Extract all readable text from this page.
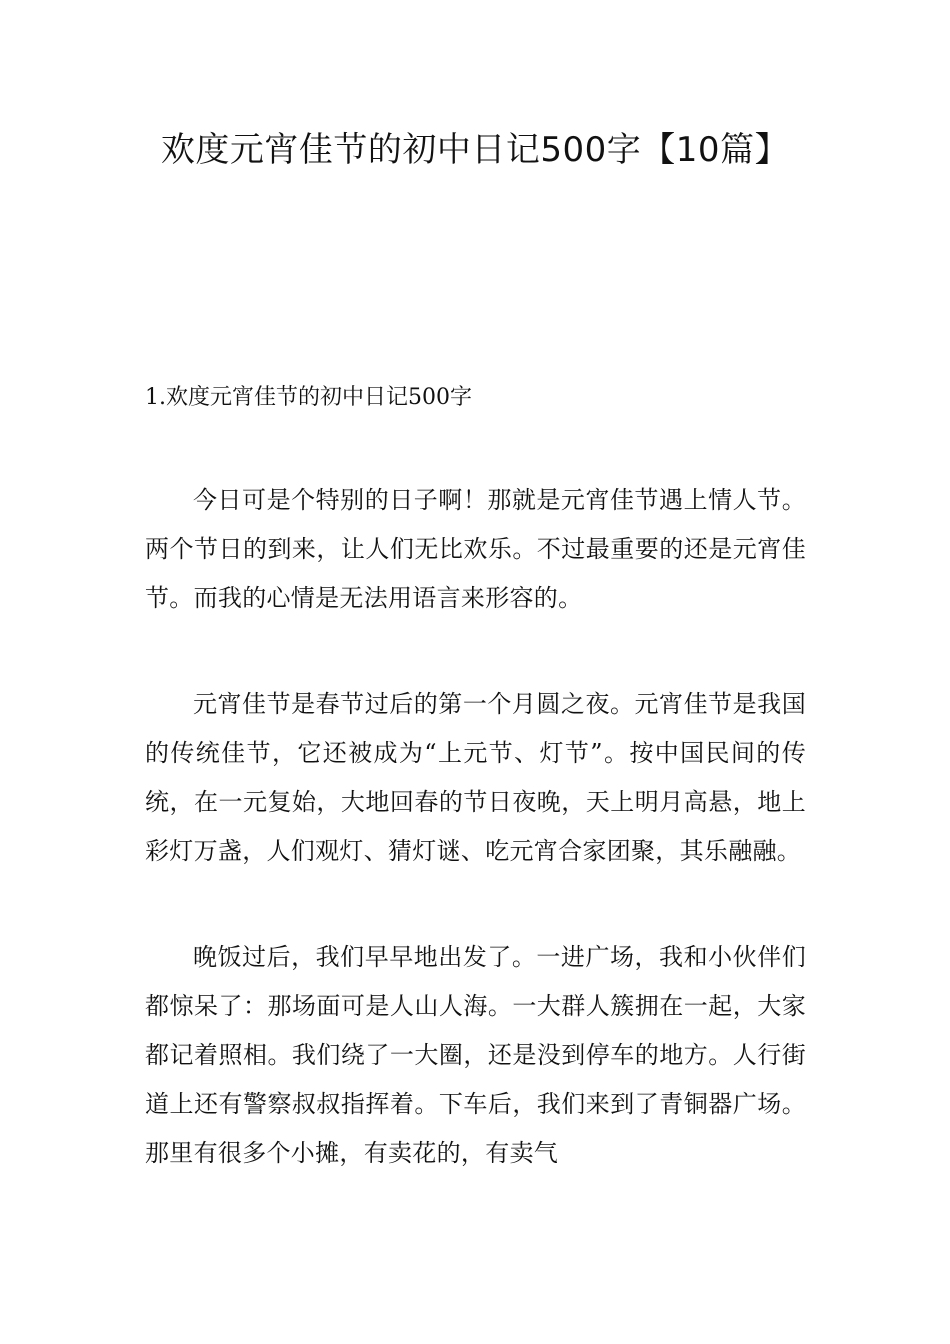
欢度元宵佳节的初中日记500字【10篇】
1.欢度元宵佳节的初中日记500字

今日可是个特别的日子啊！那就是元宵佳节遇上情人节。两个节日的到来，让人们无比欢乐。不过最重要的还是元宵佳节。而我的心情是无法用语言来形容的。

元宵佳节是春节过后的第一个月圆之夜。元宵佳节是我国的传统佳节，它还被成为“上元节、灯节”。按中国民间的传统，在一元复始，大地回春的节日夜晚，天上明月高悬，地上彩灯万盏，人们观灯、猜灯谜、吃元宵合家团聚，其乐融融。

晚饭过后，我们早早地出发了。一进广场，我和小伙伴们都惊呆了：那场面可是人山人海。一大群人簇拥在一起，大家都记着照相。我们绕了一大圈，还是没到停车的地方。人行街道上还有警察叔叔指挥着。下车后，我们来到了青铜器广场。那里有很多个小摊，有卖花的，有卖气
